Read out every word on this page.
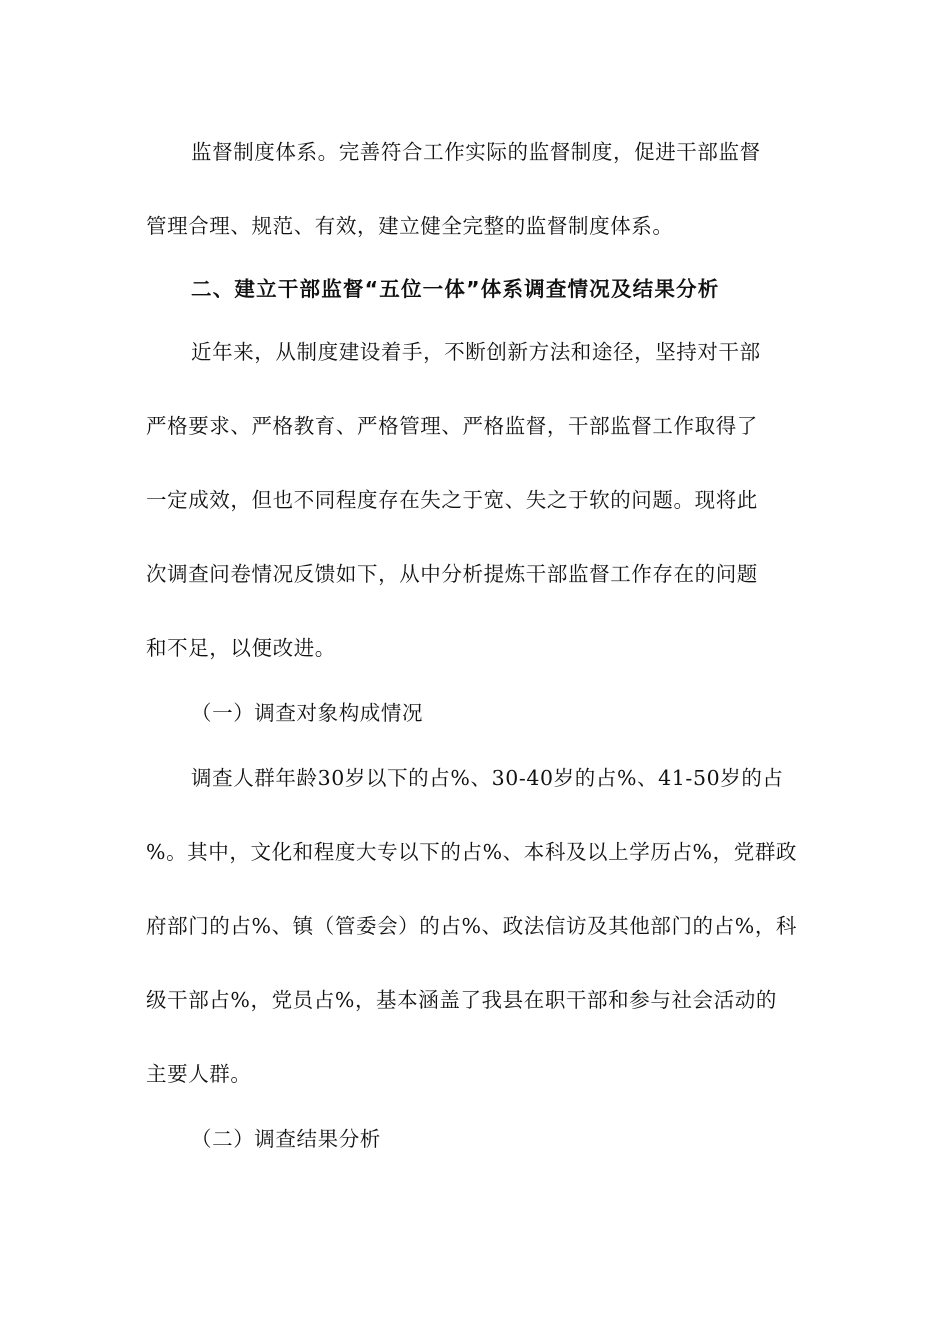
监督制度体系。完善符合工作实际的监督制度，促进干部监督
管理合理、规范、有效，建立健全完整的监督制度体系。
二、建立干部监督“五位一体”体系调查情况及结果分析
近年来，从制度建设着手，不断创新方法和途径，坚持对干部
严格要求、严格教育、严格管理、严格监督，干部监督工作取得了
一定成效，但也不同程度存在失之于宽、失之于软的问题。现将此
次调查问卷情况反馈如下，从中分析提炼干部监督工作存在的问题
和不足，以便改进。
（一）调查对象构成情况
调查人群年龄30岁以下的占%、30-40岁的占%、41-50岁的占
%。其中，文化和程度大专以下的占%、本科及以上学历占%，党群政
府部门的占%、镇（管委会）的占%、政法信访及其他部门的占%，科
级干部占%，党员占%，基本涵盖了我县在职干部和参与社会活动的
主要人群。
（二）调查结果分析
